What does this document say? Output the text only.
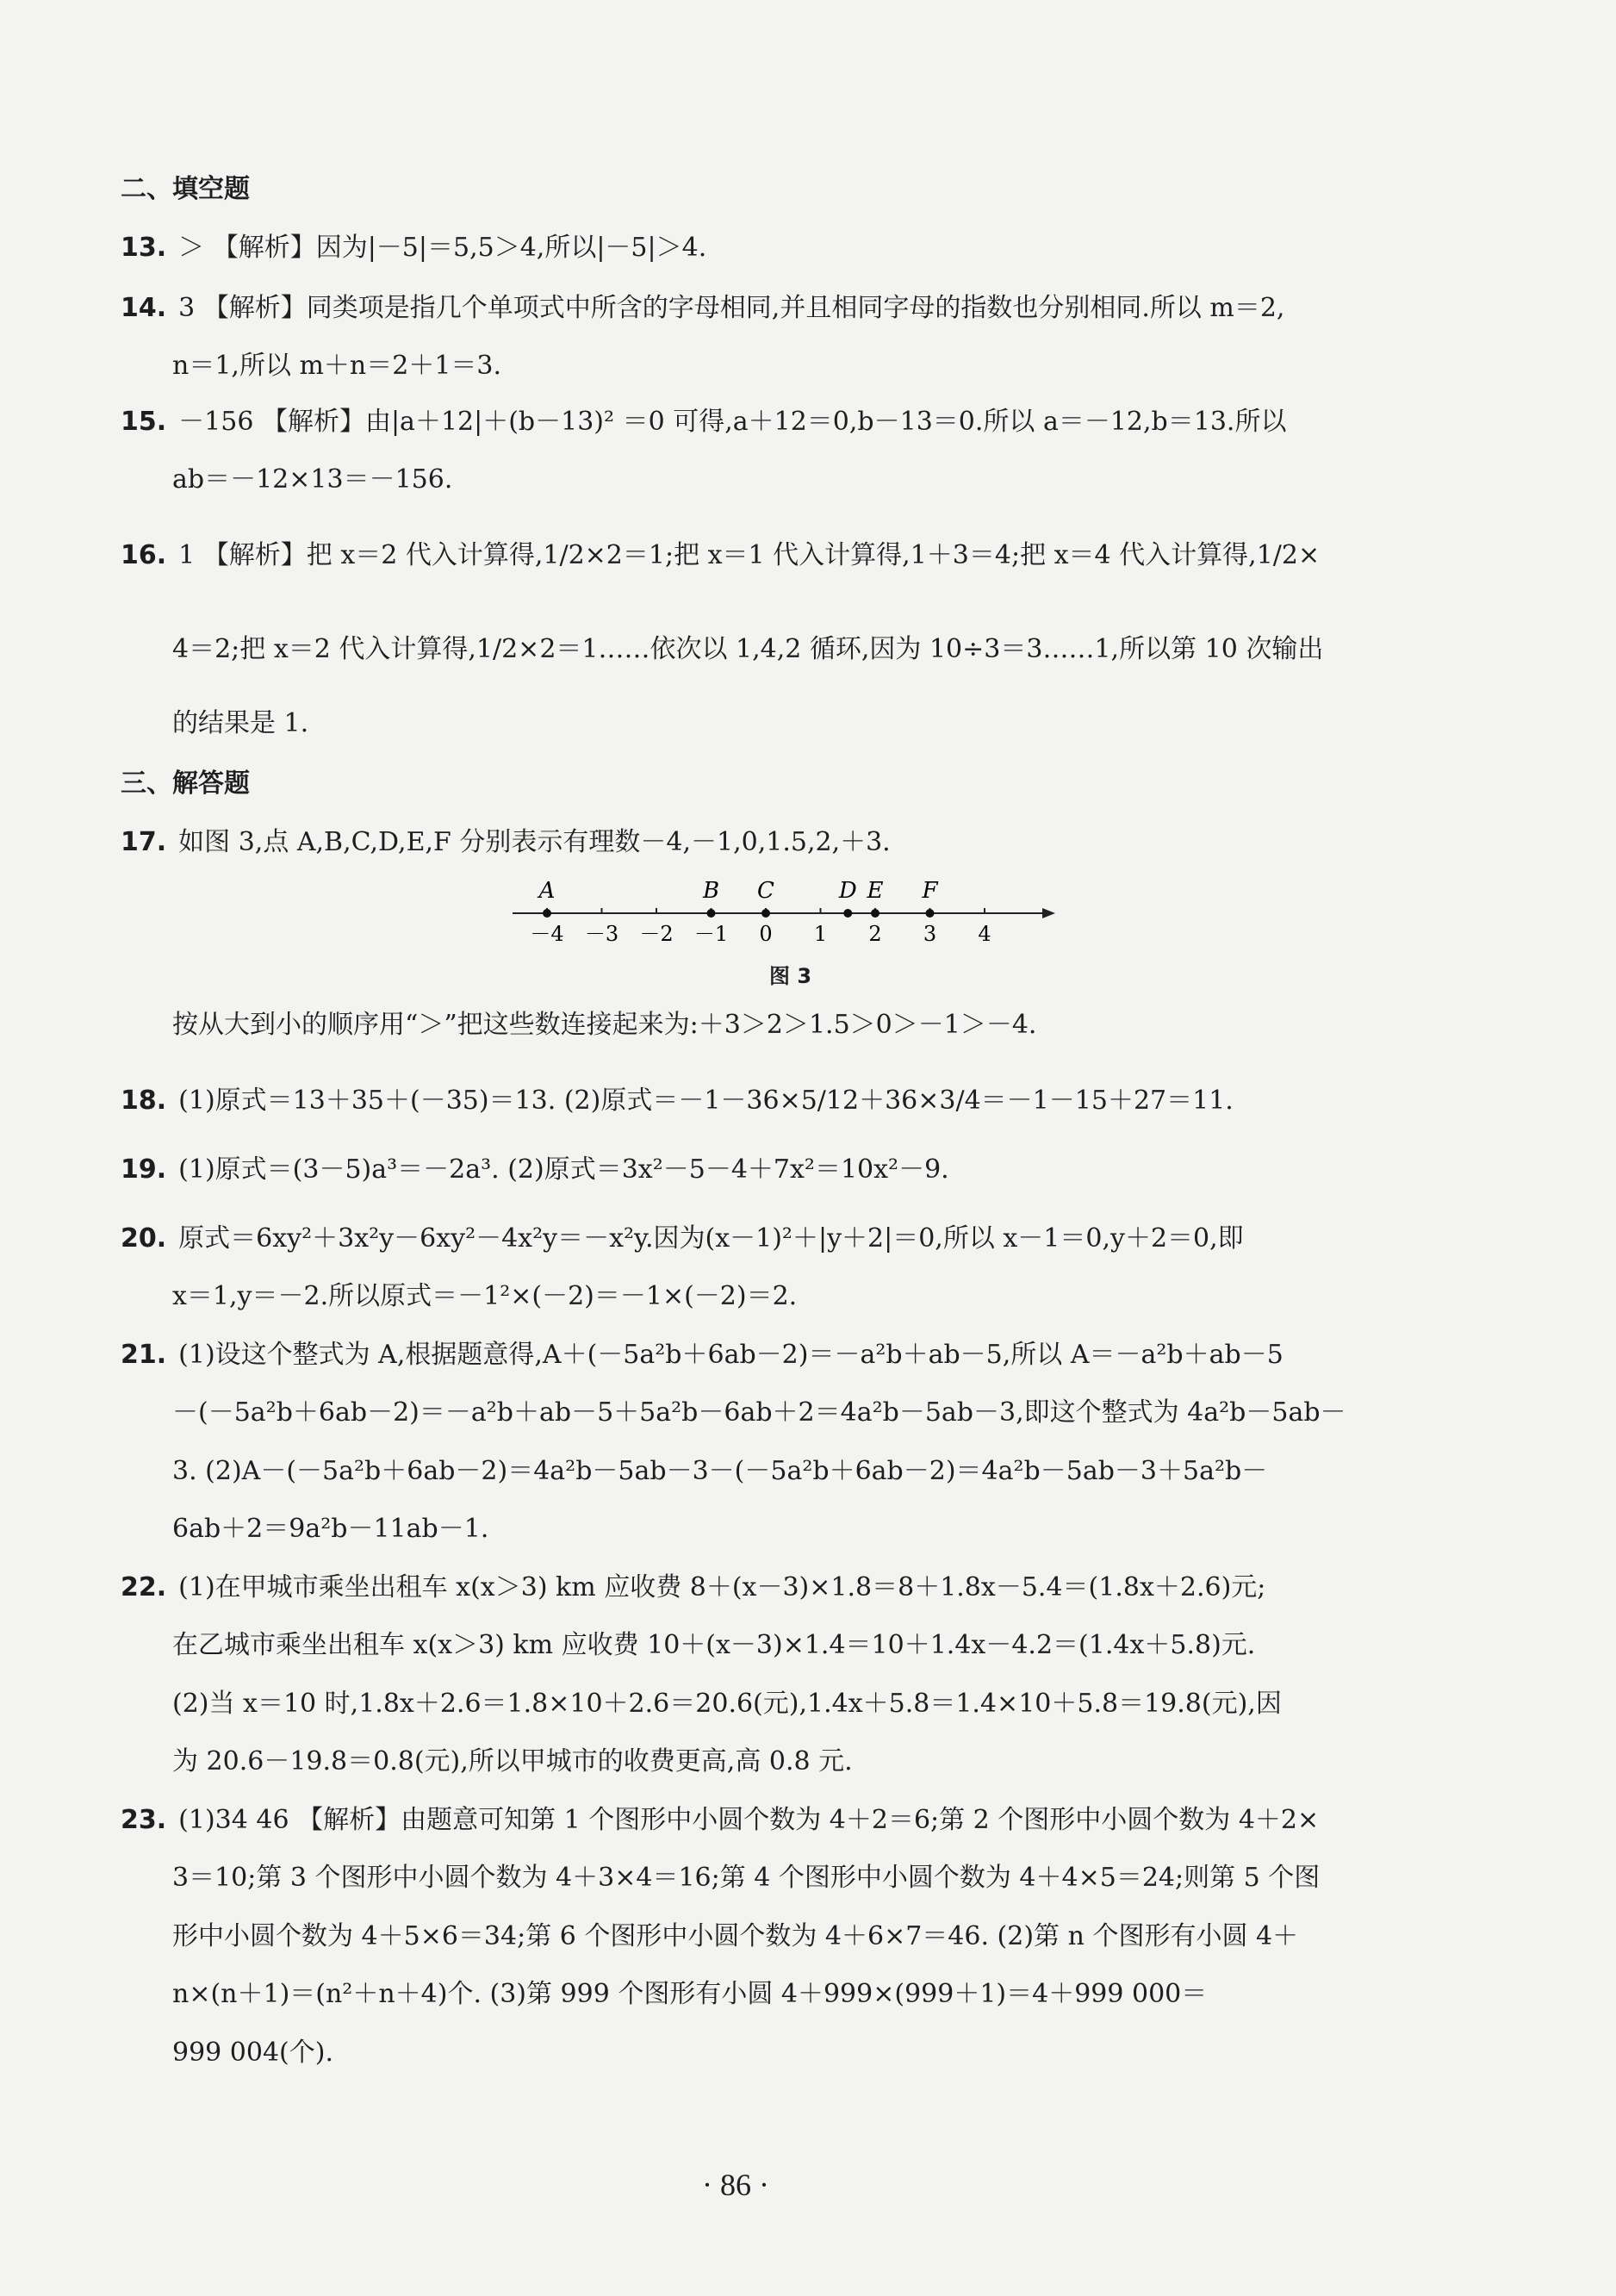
二、填空题
13. ＞ 【解析】因为|－5|＝5,5＞4,所以|－5|＞4.
14. 3 【解析】同类项是指几个单项式中所含的字母相同,并且相同字母的指数也分别相同.所以 m＝2,
n＝1,所以 m＋n＝2＋1＝3.
15. －156 【解析】由|a＋12|＋(b－13)² ＝0 可得,a＋12＝0,b－13＝0.所以 a＝－12,b＝13.所以
ab＝－12×13＝－156.
16. 1 【解析】把 x＝2 代入计算得,1/2×2＝1;把 x＝1 代入计算得,1＋3＝4;把 x＝4 代入计算得,1/2×
4＝2;把 x＝2 代入计算得,1/2×2＝1……依次以 1,4,2 循环,因为 10÷3＝3……1,所以第 10 次输出
的结果是 1.
三、解答题
17. 如图 3,点 A,B,C,D,E,F 分别表示有理数－4,－1,0,1.5,2,＋3.
－4 －3 －2 －1 0 1 2 3 4
A	B C	D E F
图 3
按从大到小的顺序用“＞”把这些数连接起来为:＋3＞2＞1.5＞0＞－1＞－4.
18. (1)原式＝13＋35＋(－35)＝13. (2)原式＝－1－36×5/12＋36×3/4＝－1－15＋27＝11.
19. (1)原式＝(3－5)a³＝－2a³. (2)原式＝3x²－5－4＋7x²＝10x²－9.
20. 原式＝6xy²＋3x²y－6xy²－4x²y＝－x²y.因为(x－1)²＋|y＋2|＝0,所以 x－1＝0,y＋2＝0,即
x＝1,y＝－2.所以原式＝－1²×(－2)＝－1×(－2)＝2.
21. (1)设这个整式为 A,根据题意得,A＋(－5a²b＋6ab－2)＝－a²b＋ab－5,所以 A＝－a²b＋ab－5
－(－5a²b＋6ab－2)＝－a²b＋ab－5＋5a²b－6ab＋2＝4a²b－5ab－3,即这个整式为 4a²b－5ab－
3. (2)A－(－5a²b＋6ab－2)＝4a²b－5ab－3－(－5a²b＋6ab－2)＝4a²b－5ab－3＋5a²b－
6ab＋2＝9a²b－11ab－1.
22. (1)在甲城市乘坐出租车 x(x＞3) km 应收费 8＋(x－3)×1.8＝8＋1.8x－5.4＝(1.8x＋2.6)元;
在乙城市乘坐出租车 x(x＞3) km 应收费 10＋(x－3)×1.4＝10＋1.4x－4.2＝(1.4x＋5.8)元.
(2)当 x＝10 时,1.8x＋2.6＝1.8×10＋2.6＝20.6(元),1.4x＋5.8＝1.4×10＋5.8＝19.8(元),因
为 20.6－19.8＝0.8(元),所以甲城市的收费更高,高 0.8 元.
23. (1)34 46 【解析】由题意可知第 1 个图形中小圆个数为 4＋2＝6;第 2 个图形中小圆个数为 4＋2×
3＝10;第 3 个图形中小圆个数为 4＋3×4＝16;第 4 个图形中小圆个数为 4＋4×5＝24;则第 5 个图
形中小圆个数为 4＋5×6＝34;第 6 个图形中小圆个数为 4＋6×7＝46. (2)第 n 个图形有小圆 4＋
n×(n＋1)＝(n²＋n＋4)个. (3)第 999 个图形有小圆 4＋999×(999＋1)＝4＋999 000＝
999 004(个).
· 86 ·
